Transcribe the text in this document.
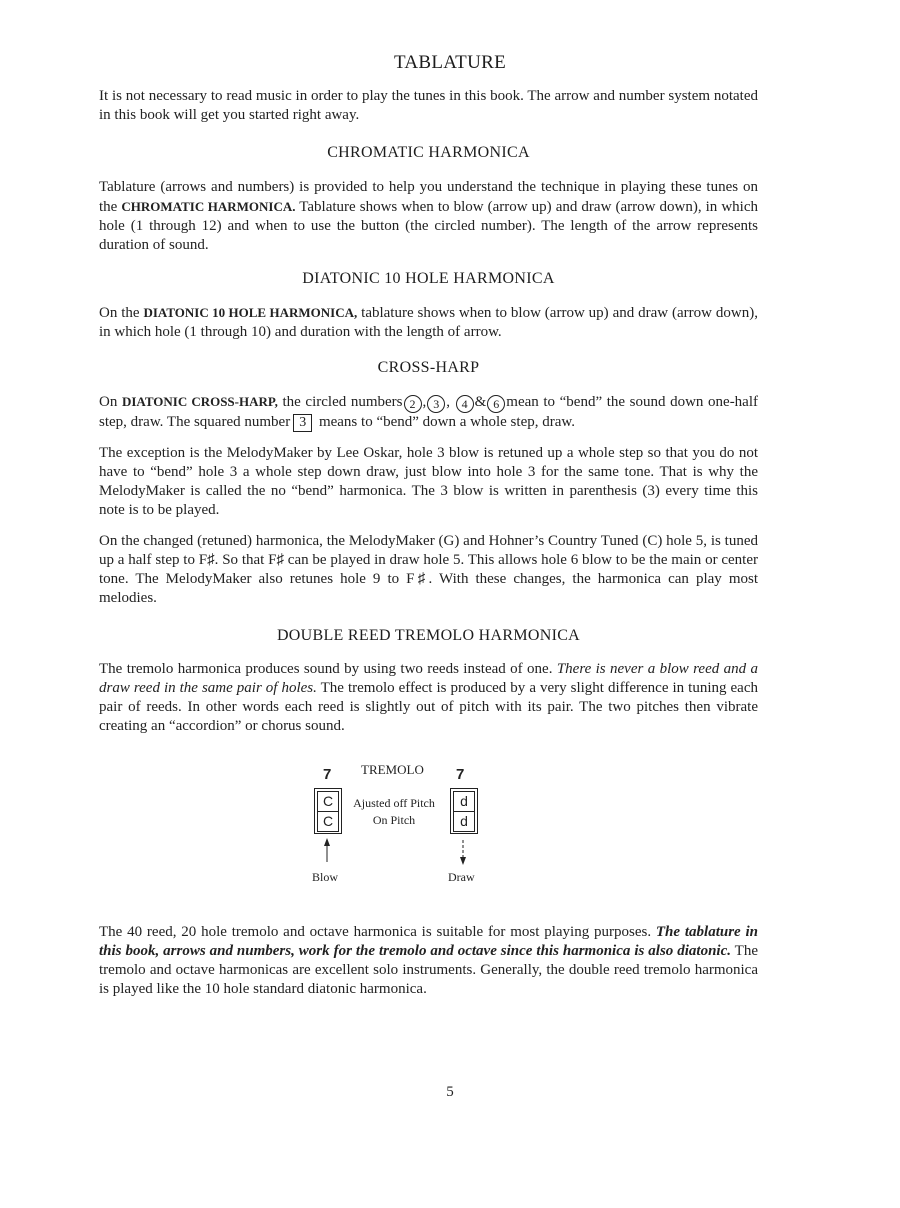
TABLATURE

It is not necessary to read music in order to play the tunes in this book. The arrow and number system notated in this book will get you started right away.

CHROMATIC HARMONICA

Tablature (arrows and numbers) is provided to help you understand the technique in playing these tunes on the CHROMATIC HARMONICA. Tablature shows when to blow (arrow up) and draw (arrow down), in which hole (1 through 12) and when to use the button (the circled number). The length of the arrow represents duration of sound.

DIATONIC 10 HOLE HARMONICA

On the DIATONIC 10 HOLE HARMONICA, tablature shows when to blow (arrow up) and draw (arrow down), in which hole (1 through 10) and duration with the length of arrow.

CROSS-HARP

On DIATONIC CROSS-HARP, the circled numbers 2 , 3 , 4 & 6 mean to “bend” the sound down one-half step, draw. The squared number 3 means to “bend” down a whole step, draw.

The exception is the MelodyMaker by Lee Oskar, hole 3 blow is retuned up a whole step so that you do not have to “bend” hole 3 a whole step down draw, just blow into hole 3 for the same tone. That is why the MelodyMaker is called the no “bend” harmonica. The 3 blow is written in parenthesis (3) every time this note is to be played.

On the changed (retuned) harmonica, the MelodyMaker (G) and Hohner’s Country Tuned (C) hole 5, is tuned up a half step to F♯. So that F♯ can be played in draw hole 5. This allows hole 6 blow to be the main or center tone. The MelodyMaker also retunes hole 9 to F♯. With these changes, the harmonica can play most melodies.

DOUBLE REED TREMOLO HARMONICA

The tremolo harmonica produces sound by using two reeds instead of one. There is never a blow reed and a draw reed in the same pair of holes. The tremolo effect is produced by a very slight difference in tuning each pair of reeds. In other words each reed is slightly out of pitch with its pair. The two pitches then vibrate creating an “accordion” or chorus sound.

7 TREMOLO 7
C
C
Ajusted off Pitch
On Pitch
d
d
Blow	Draw

The 40 reed, 20 hole tremolo and octave harmonica is suitable for most playing purposes. The tablature in this book, arrows and numbers, work for the tremolo and octave since this harmonica is also diatonic. The tremolo and octave harmonicas are excellent solo instruments. Generally, the double reed tremolo harmonica is played like the 10 hole standard diatonic harmonica.

5
